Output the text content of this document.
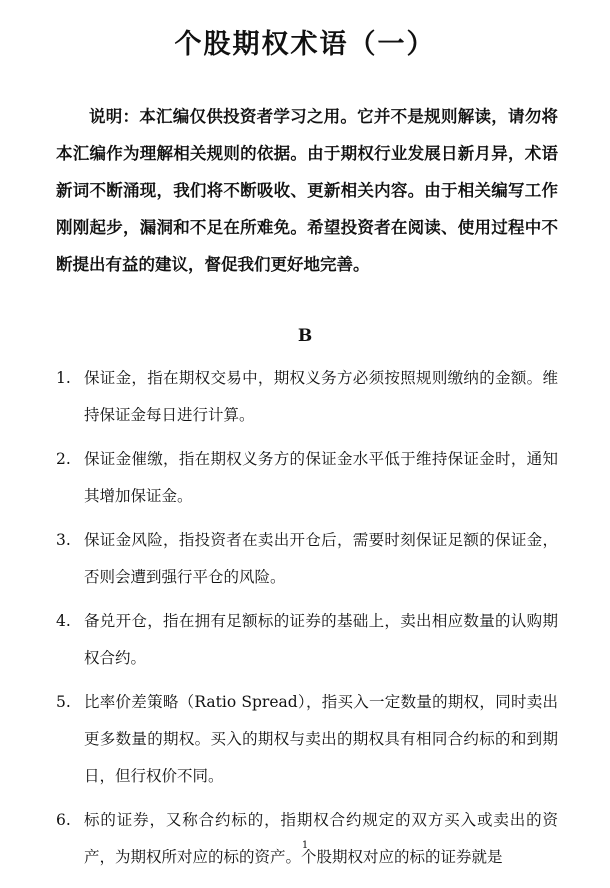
个股期权术语（一）

说明：本汇编仅供投资者学习之用。它并不是规则解读，请勿将本汇编作为理解相关规则的依据。由于期权行业发展日新月异，术语新词不断涌现，我们将不断吸收、更新相关内容。由于相关编写工作刚刚起步，漏洞和不足在所难免。希望投资者在阅读、使用过程中不断提出有益的建议，督促我们更好地完善。

B
1. 保证金，指在期权交易中，期权义务方必须按照规则缴纳的金额。维持保证金每日进行计算。
2. 保证金催缴，指在期权义务方的保证金水平低于维持保证金时，通知其增加保证金。
3. 保证金风险，指投资者在卖出开仓后，需要时刻保证足额的保证金，否则会遭到强行平仓的风险。
4. 备兑开仓，指在拥有足额标的证券的基础上，卖出相应数量的认购期权合约。
5. 比率价差策略（Ratio Spread），指买入一定数量的期权，同时卖出更多数量的期权。买入的期权与卖出的期权具有相同合约标的和到期日，但行权价不同。
6. 标的证券，又称合约标的，指期权合约规定的双方买入或卖出的资产，为期权所对应的标的资产。个股期权对应的标的证券就是

1
